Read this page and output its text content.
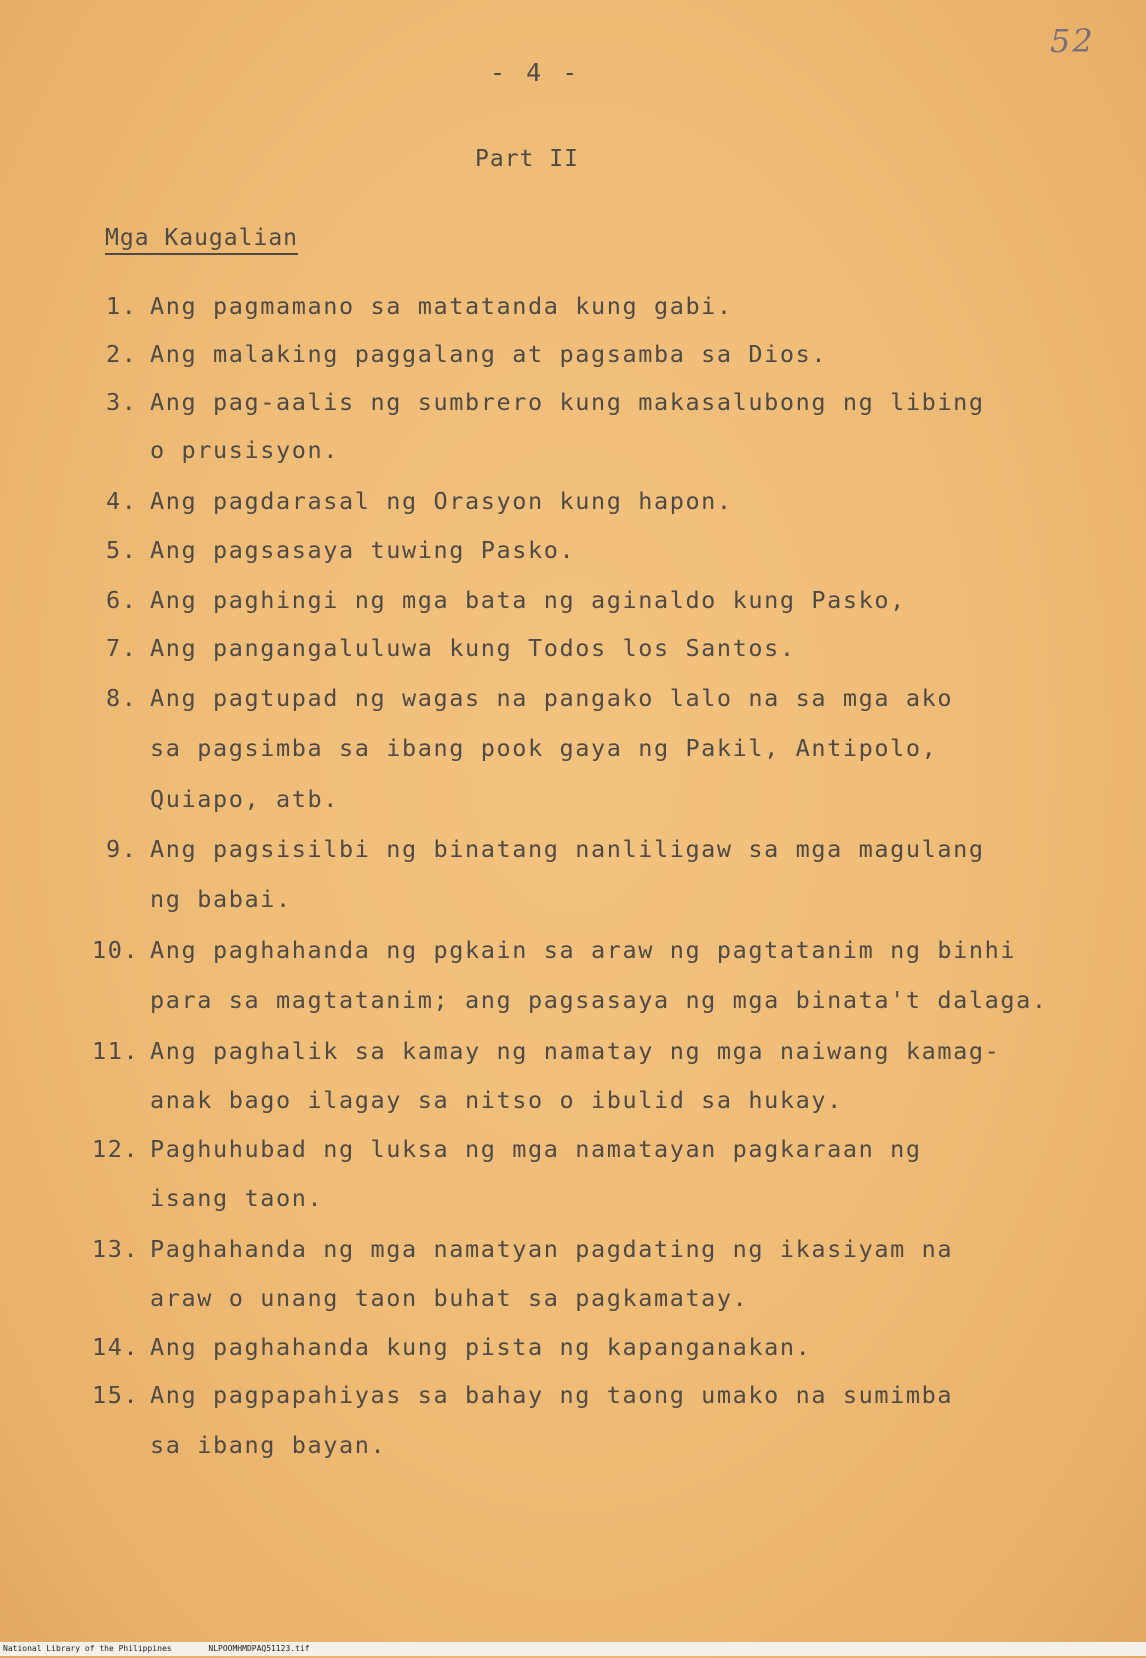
52
- 4 -
Part II
Mga Kaugalian
1. Ang pagmamano sa matatanda kung gabi.
2. Ang malaking paggalang at pagsamba sa Dios.
3. Ang pag-aalis ng sumbrero kung makasalubong ng libing
o prusisyon.
4. Ang pagdarasal ng Orasyon kung hapon.
5. Ang pagsasaya tuwing Pasko.
6. Ang paghingi ng mga bata ng aginaldo kung Pasko,
7. Ang pangangaluluwa kung Todos los Santos.
8. Ang pagtupad ng wagas na pangako lalo na sa mga ako
sa pagsimba sa ibang pook gaya ng Pakil, Antipolo,
Quiapo, atb.
9. Ang pagsisilbi ng binatang nanliligaw sa mga magulang
ng babai.
10. Ang paghahanda ng pgkain sa araw ng pagtatanim ng binhi
para sa magtatanim; ang pagsasaya ng mga binata't dalaga.
11. Ang paghalik sa kamay ng namatay ng mga naiwang kamag-
anak bago ilagay sa nitso o ibulid sa hukay.
12. Paghuhubad ng luksa ng mga namatayan pagkaraan ng
isang taon.
13. Paghahanda ng mga namatyan pagdating ng ikasiyam na
araw o unang taon buhat sa pagkamatay.
14. Ang paghahanda kung pista ng kapanganakan.
15. Ang pagpapahiyas sa bahay ng taong umako na sumimba
sa ibang bayan.
National Library of the Philippines	NLPOOMHMDPAQ51123.tif
